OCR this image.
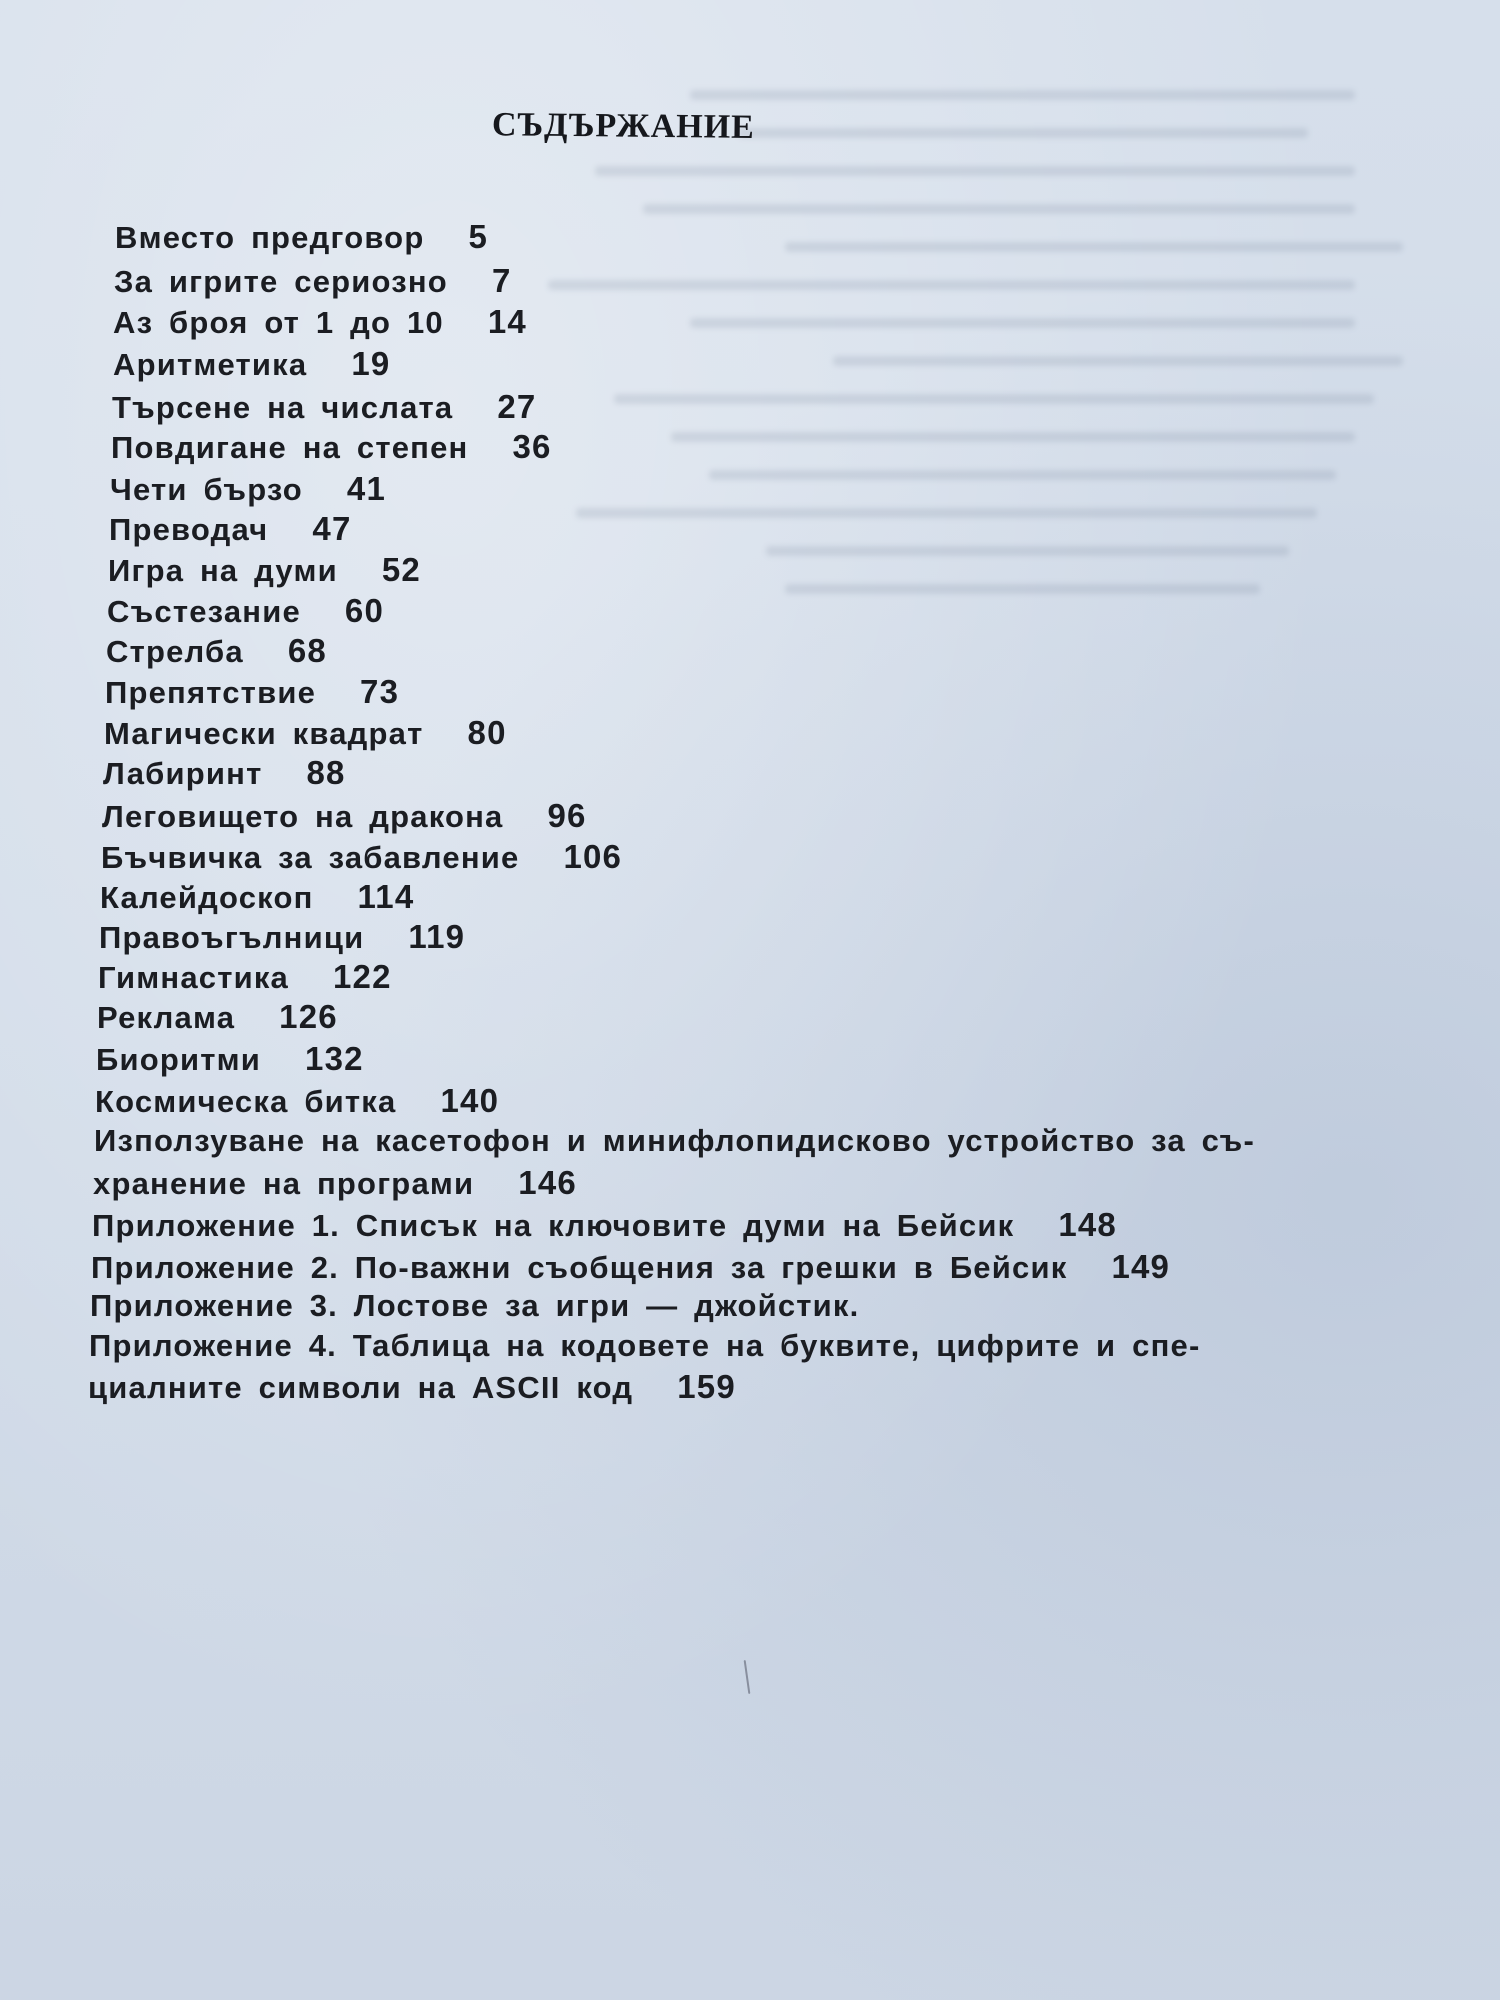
СЪДЪРЖАНИЕ
Вместо предговор 5
За игрите сериозно 7
Аз броя от 1 до 10 14
Аритметика 19
Търсене на числата 27
Повдигане на степен 36
Чети бързо 41
Преводач 47
Игра на думи 52
Състезание 60
Стрелба 68
Препятствие 73
Магически квадрат 80
Лабиринт 88
Леговището на дракона 96
Бъчвичка за забавление 106
Калейдоскоп 114
Правоъгълници 119
Гимнастика 122
Реклама 126
Биоритми 132
Космическа битка 140
Използуване на касетофон и минифлопидисково устройство за съ-
хранение на програми 146
Приложение 1. Списък на ключовите думи на Бейсик 148
Приложение 2. По-важни съобщения за грешки в Бейсик 149
Приложение 3. Лостове за игри — джойстик.
Приложение 4. Таблица на кодовете на буквите, цифрите и спе-
циалните символи на ASCII код 159
